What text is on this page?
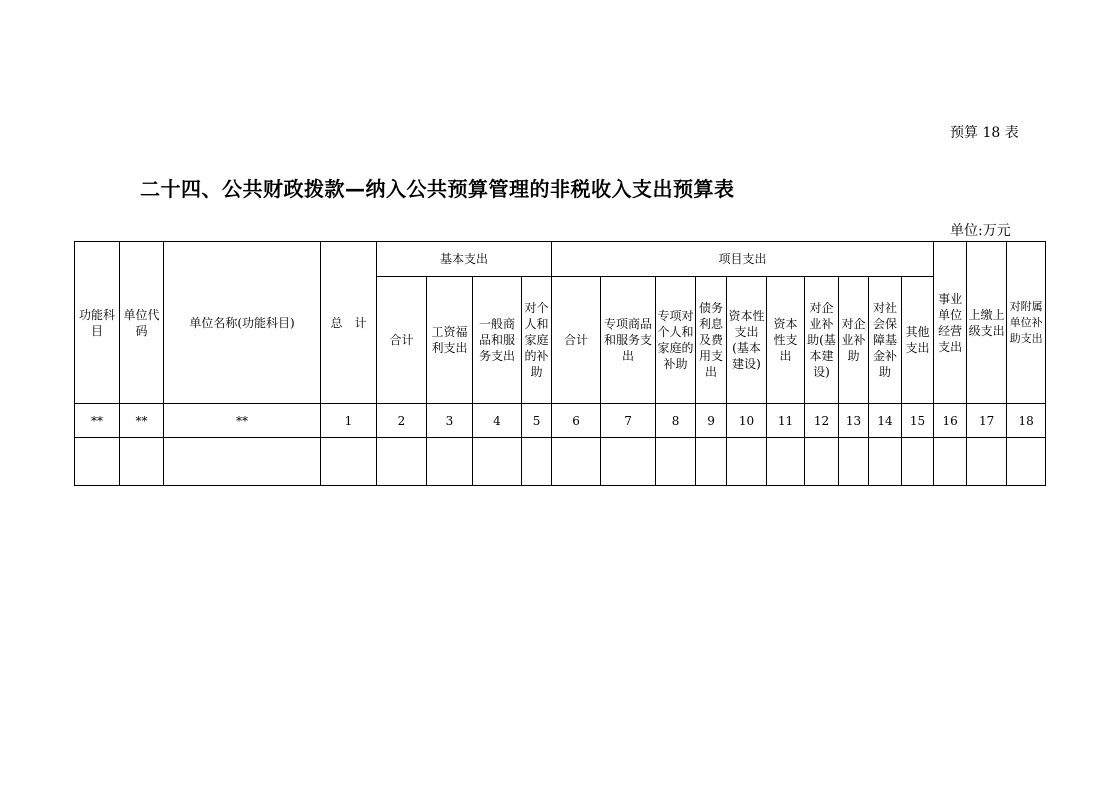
预算 18 表
二十四、公共财政拨款—纳入公共预算管理的非税收入支出预算表
单位:万元
功能科目	单位代码	单位名称(功能科目)	总　计	基本支出				项目支出										事业单位经营支出	上缴上级支出	对附属单位补助支出
				合计	工资福利支出	一般商品和服务支出	对个人和家庭的补助	合计	专项商品和服务支出	专项对个人和家庭的补助	债务利息及费用支出	资本性支出(基本建设)	资本性支出	对企业补助(基本建设)	对企业补助	对社会保障基金补助	其他支出			
**	**	**	1	2	3	4	5	6	7	8	9	10	11	12	13	14	15	16	17	18
